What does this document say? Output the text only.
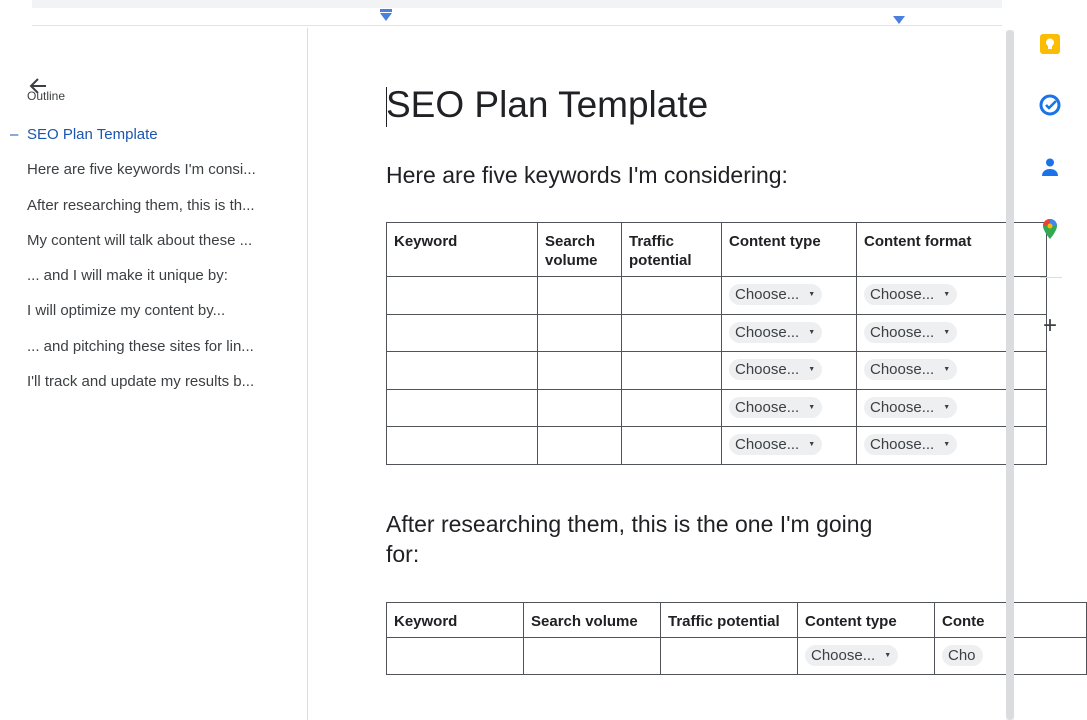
Outline
– SEO Plan Template
Here are five keywords I'm consi...
After researching them, this is th...
My content will talk about these ...
... and I will make it unique by:
I will optimize my content by...
... and pitching these sites for lin...
I'll track and update my results b...
SEO Plan Template
Here are five keywords I'm considering:
After researching them, this is the one I'm going for:
Keyword	Search volume	Traffic potential	Content type	Content format

			Choose... ▼	Choose... ▼

			Choose... ▼	Choose... ▼

			Choose... ▼	Choose... ▼

			Choose... ▼	Choose... ▼

			Choose... ▼	Choose... ▼
Keyword	Search volume	Traffic potential	Content type	Conte

			Choose... ▼	Cho
+
